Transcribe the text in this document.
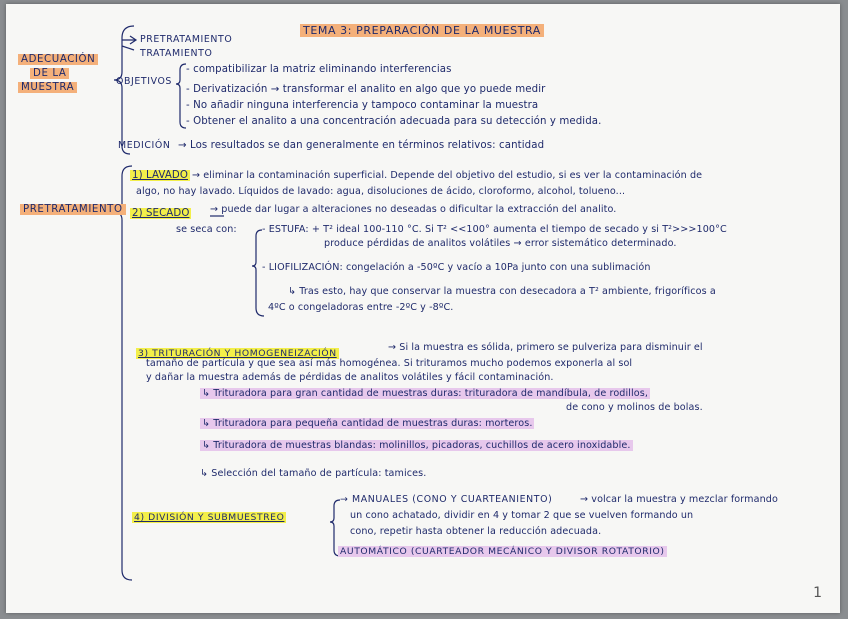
TEMA 3: PREPARACIÓN DE LA MUESTRA
ADECUACIÓN
DE LA
MUESTRA
PRETRATAMIENTO
TRATAMIENTO
OBJETIVOS
- compatibilizar la matriz eliminando interferencias
- Derivatización → transformar el analito en algo que yo puede medir
- No añadir ninguna interferencia y tampoco contaminar la muestra
- Obtener el analito a una concentración adecuada para su detección y medida.
MEDICIÓN → Los resultados se dan generalmente en términos relativos: cantidad
PRETRATAMIENTO
1) LAVADO → eliminar la contaminación superficial. Depende del objetivo del estudio, si es ver la contaminación de
algo, no hay lavado. Líquidos de lavado: agua, disoluciones de ácido, cloroformo, alcohol, tolueno...
2) SECADO → puede dar lugar a alteraciones no deseadas o dificultar la extracción del analito.
se seca con:	- ESTUFA: + T² ideal 100-110 °C. Si T² <<100° aumenta el tiempo de secado y si T²>>>100°C
produce pérdidas de analitos volátiles → error sistemático determinado.
- LIOFILIZACIÓN: congelación a -50ºC y vacío a 10Pa junto con una sublimación
↳ Tras esto, hay que conservar la muestra con desecadora a T² ambiente, frigoríficos a
4ºC o congeladoras entre -2ºC y -8ºC.
3) TRITURACIÓN Y HOMOGENEIZACIÓN
→ Si la muestra es sólida, primero se pulveriza para disminuir el
tamaño de partícula y que sea así más homogénea. Si trituramos mucho podemos exponerla al sol
y dañar la muestra además de pérdidas de analitos volátiles y fácil contaminación.
↳ Trituradora para gran cantidad de muestras duras: trituradora de mandíbula, de rodillos,
de cono y molinos de bolas.
↳ Trituradora para pequeña cantidad de muestras duras: morteros.
↳ Trituradora de muestras blandas: molinillos, picadoras, cuchillos de acero inoxidable.
↳ Selección del tamaño de partícula: tamices.
4) DIVISIÓN Y SUBMUESTREO
→ MANUALES (CONO Y CUARTEANIENTO)	→ volcar la muestra y mezclar formando
un cono achatado, dividir en 4 y tomar 2 que se vuelven formando un
cono, repetir hasta obtener la reducción adecuada.
AUTOMÁTICO (CUARTEADOR MECÁNICO Y DIVISOR ROTATORIO)
1
